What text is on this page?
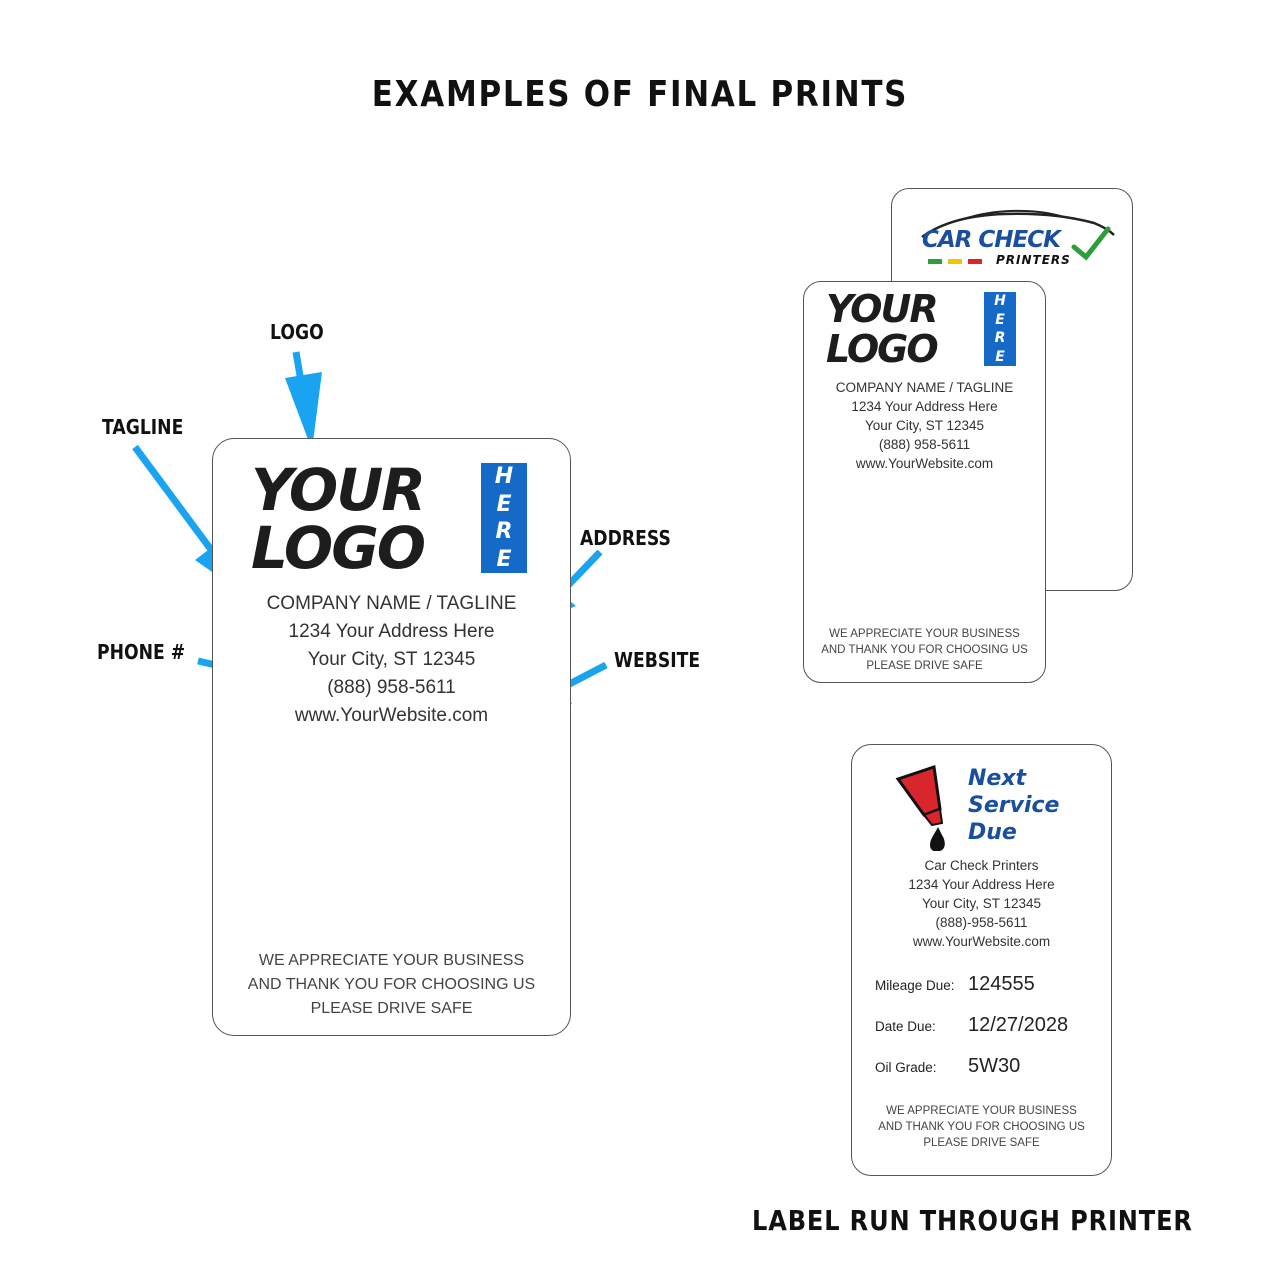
EXAMPLES OF FINAL PRINTS
LOGO
TAGLINE
ADDRESS
PHONE #	WEBSITE
YOUR
LOGO
H
E
R
E
COMPANY NAME / TAGLINE
1234 Your Address Here
Your City, ST 12345
(888) 958-5611
www.YourWebsite.com
WE APPRECIATE YOUR BUSINESS
AND THANK YOU FOR CHOOSING US
PLEASE DRIVE SAFE
CAR CHECK
PRINTERS
YOUR
LOGO
H
E
R
E
COMPANY NAME / TAGLINE
1234 Your Address Here
Your City, ST 12345
(888) 958-5611
www.YourWebsite.com
WE APPRECIATE YOUR BUSINESS
AND THANK YOU FOR CHOOSING US
PLEASE DRIVE SAFE
Next
Service
Due
Car Check Printers
1234 Your Address Here
Your City, ST 12345
(888)-958-5611
www.YourWebsite.com
Mileage Due: 124555
Date Due: 12/27/2028
Oil Grade: 5W30
WE APPRECIATE YOUR BUSINESS
AND THANK YOU FOR CHOOSING US
PLEASE DRIVE SAFE
LABEL RUN THROUGH PRINTER
